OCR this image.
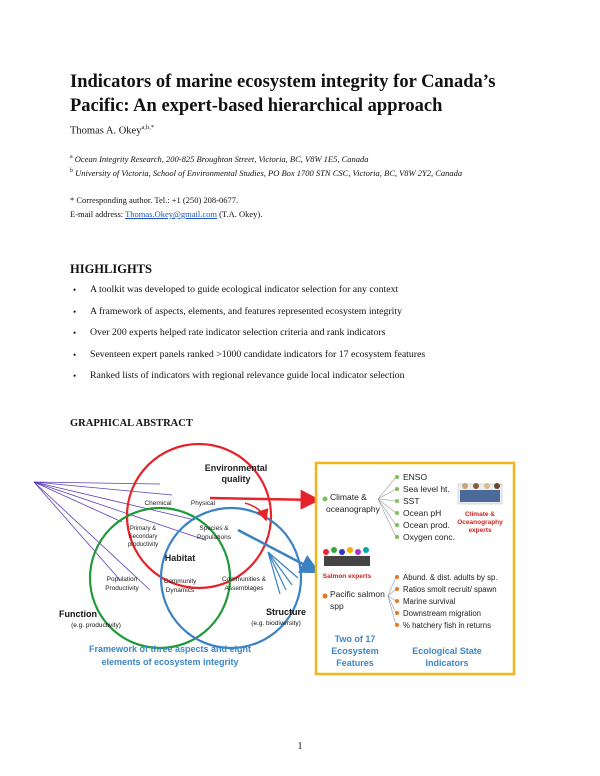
Indicators of marine ecosystem integrity for Canada’s Pacific: An expert-based hierarchical approach
Thomas A. Okey$^{a,b,*}$
$^a$ Ocean Integrity Research, 200-825 Broughton Street, Victoria, BC, V8W 1E5, Canada
$^b$ University of Victoria, School of Environmental Studies, PO Box 1700 STN CSC, Victoria, BC, V8W 2Y2, Canada
* Corresponding author. Tel.: +1 (250) 208-0677.
E-mail address: Thomas.Okey@gmail.com (T.A. Okey).
HIGHLIGHTS
• A toolkit was developed to guide ecological indicator selection for any context
• A framework of aspects, elements, and features represented ecosystem integrity
• Over 200 experts helped rate indicator selection criteria and rank indicators
• Seventeen expert panels ranked >1000 candidate indicators for 17 ecosystem features
• Ranked lists of indicators with regional relevance guide local indicator selection
GRAPHICAL ABSTRACT
Environmental
quality
Chemical	Physical
Primary &
Secondary
productivity
Species &
Populations
Habitat
Population
Productivity
Community
Dynamics
Communities &
Assemblages
Function
(e.g. productivity)
Structure
(e.g. biodiversity)
Framework of three aspects and eight
elements of ecosystem integrity
Climate &
oceanography
ENSO
Sea level ht.
SST
Ocean pH
Ocean prod.
Oxygen conc.
Climate &
Oceanography
experts
Salmon experts
Pacific salmon
spp
Abund. & dist. adults by sp.
Ratios smolt recruit/ spawn
Marine survival
Downstream migration
% hatchery fish in returns
Two of 17
Ecosystem
Features
Ecological State
Indicators
1
